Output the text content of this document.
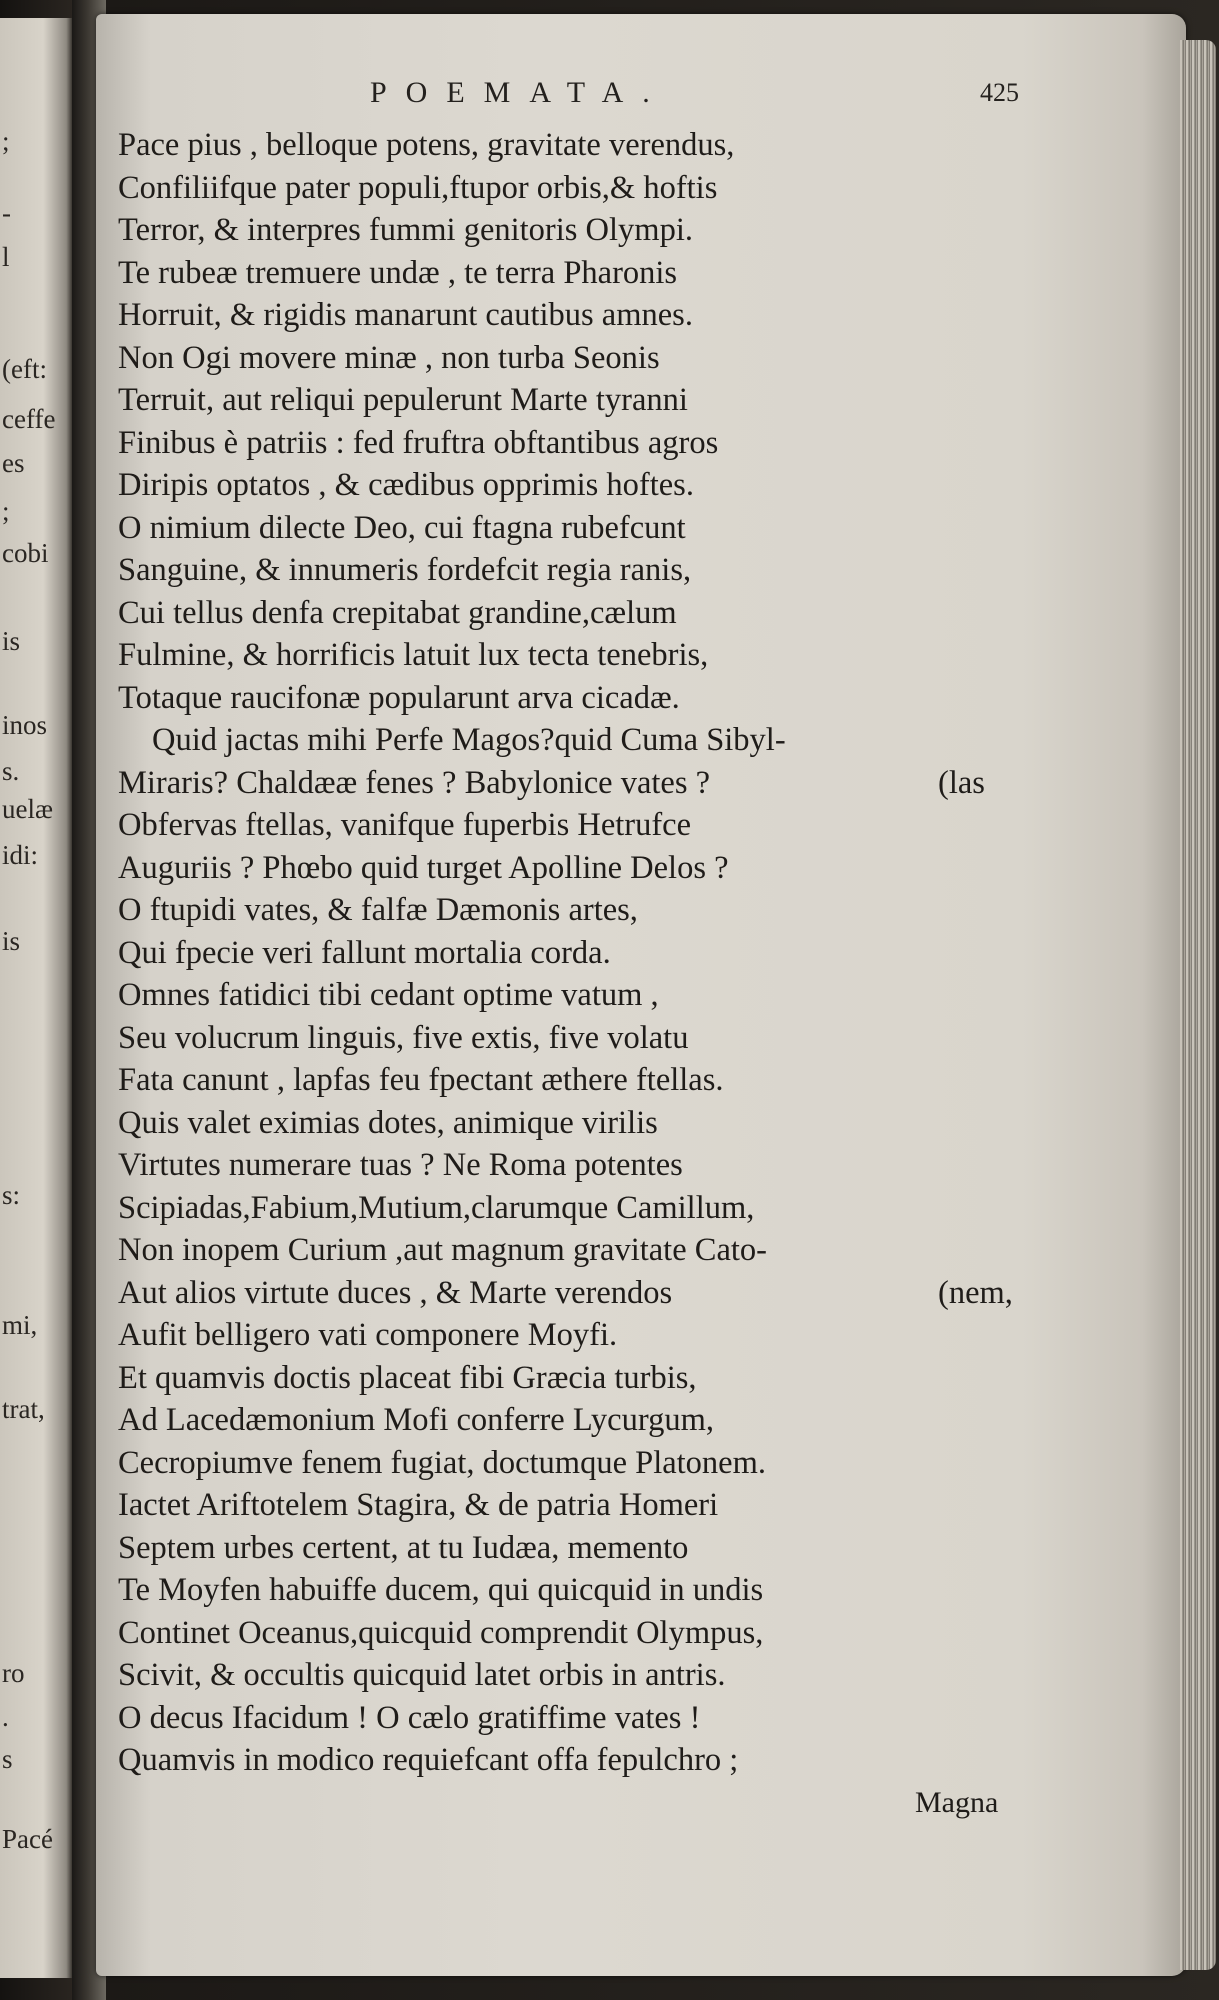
;
-
l
(eft:
ceffe
es
;
cobi
is
inos
s.
uelæ
idi:
is
s:
mi,
trat,
ro
.
s
Pacé
POEMATA.	425
Pace pius , belloque potens, gravitate verendus,
Confiliifque pater populi,ftupor orbis,& hoftis
Terror, & interpres fummi genitoris Olympi.
Te rubeæ tremuere undæ , te terra Pharonis
Horruit, & rigidis manarunt cautibus amnes.
Non Ogi movere minæ , non turba Seonis
Terruit, aut reliqui pepulerunt Marte tyranni
Finibus è patriis : fed fruftra obftantibus agros
Diripis optatos , & cædibus opprimis hoftes.
O nimium dilecte Deo, cui ftagna rubefcunt
Sanguine, & innumeris fordefcit regia ranis,
Cui tellus denfa crepitabat grandine,cælum
Fulmine, & horrificis latuit lux tecta tenebris,
Totaque raucifonæ popularunt arva cicadæ.
Quid jactas mihi Perfe Magos?quid Cuma Sibyl-
Miraris? Chaldææ fenes ? Babylonice vates ?	(las
Obfervas ftellas, vanifque fuperbis Hetrufce
Auguriis ? Phœbo quid turget Apolline Delos ?
O ftupidi vates, & falfæ Dæmonis artes,
Qui fpecie veri fallunt mortalia corda.
Omnes fatidici tibi cedant optime vatum ,
Seu volucrum linguis, five extis, five volatu
Fata canunt , lapfas feu fpectant æthere ftellas.
Quis valet eximias dotes, animique virilis
Virtutes numerare tuas ? Ne Roma potentes
Scipiadas,Fabium,Mutium,clarumque Camillum,
Non inopem Curium ,aut magnum gravitate Cato-
Aut alios virtute duces , & Marte verendos	(nem,
Aufit belligero vati componere Moyfi.
Et quamvis doctis placeat fibi Græcia turbis,
Ad Lacedæmonium Mofi conferre Lycurgum,
Cecropiumve fenem fugiat, doctumque Platonem.
Iactet Ariftotelem Stagira, & de patria Homeri
Septem urbes certent, at tu Iudæa, memento
Te Moyfen habuiffe ducem, qui quicquid in undis
Continet Oceanus,quicquid comprendit Olympus,
Scivit, & occultis quicquid latet orbis in antris.
O decus Ifacidum ! O cælo gratiffime vates !
Quamvis in modico requiefcant offa fepulchro ;
Magna
